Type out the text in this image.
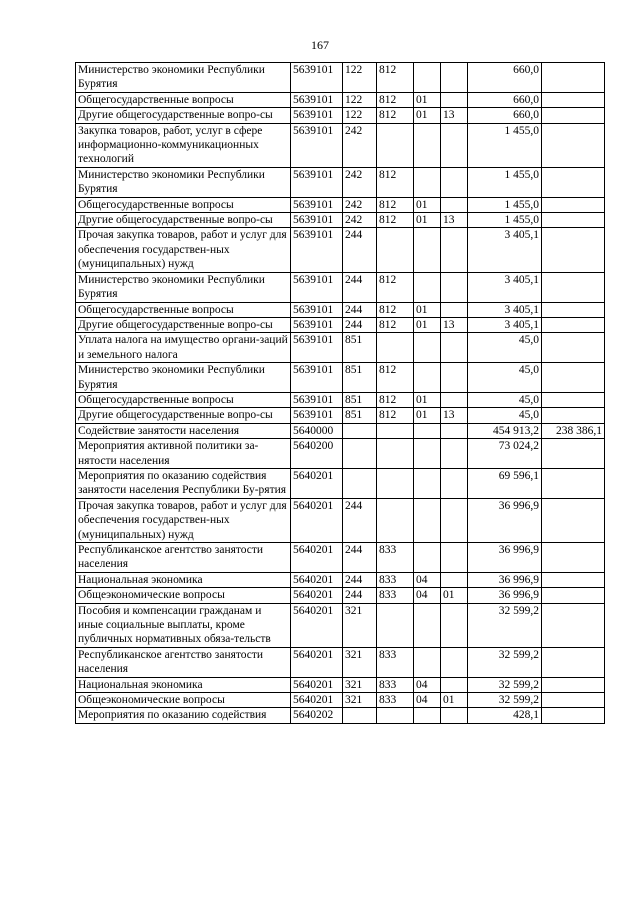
167
Министерство экономики Республики Бурятия	5639101	122	812			660,0	
Общегосударственные вопросы	5639101	122	812	01		660,0	
Другие общегосударственные вопро-сы	5639101	122	812	01	13	660,0	
Закупка товаров, работ, услуг в сфере информационно-коммуникационных технологий	5639101	242				1 455,0	
Министерство экономики Республики Бурятия	5639101	242	812			1 455,0	
Общегосударственные вопросы	5639101	242	812	01		1 455,0	
Другие общегосударственные вопро-сы	5639101	242	812	01	13	1 455,0	
Прочая закупка товаров, работ и услуг для обеспечения государствен-ных (муниципальных) нужд	5639101	244				3 405,1	
Министерство экономики Республики Бурятия	5639101	244	812			3 405,1	
Общегосударственные вопросы	5639101	244	812	01		3 405,1	
Другие общегосударственные вопро-сы	5639101	244	812	01	13	3 405,1	
Уплата налога на имущество органи-заций и земельного налога	5639101	851				45,0	
Министерство экономики Республики Бурятия	5639101	851	812			45,0	
Общегосударственные вопросы	5639101	851	812	01		45,0	
Другие общегосударственные вопро-сы	5639101	851	812	01	13	45,0	
Содействие занятости населения	5640000					454 913,2	238 386,1
Мероприятия активной политики за-нятости населения	5640200					73 024,2	
Мероприятия по оказанию содействия занятости населения Республики Бу-рятия	5640201					69 596,1	
Прочая закупка товаров, работ и услуг для обеспечения государствен-ных (муниципальных) нужд	5640201	244				36 996,9	
Республиканское агентство занятости населения	5640201	244	833			36 996,9	
Национальная экономика	5640201	244	833	04		36 996,9	
Общеэкономические вопросы	5640201	244	833	04	01	36 996,9	
Пособия и компенсации гражданам и иные социальные выплаты, кроме публичных нормативных обяза-тельств	5640201	321				32 599,2	
Республиканское агентство занятости населения	5640201	321	833			32 599,2	
Национальная экономика	5640201	321	833	04		32 599,2	
Общеэкономические вопросы	5640201	321	833	04	01	32 599,2	
Мероприятия по оказанию содействия	5640202					428,1	
